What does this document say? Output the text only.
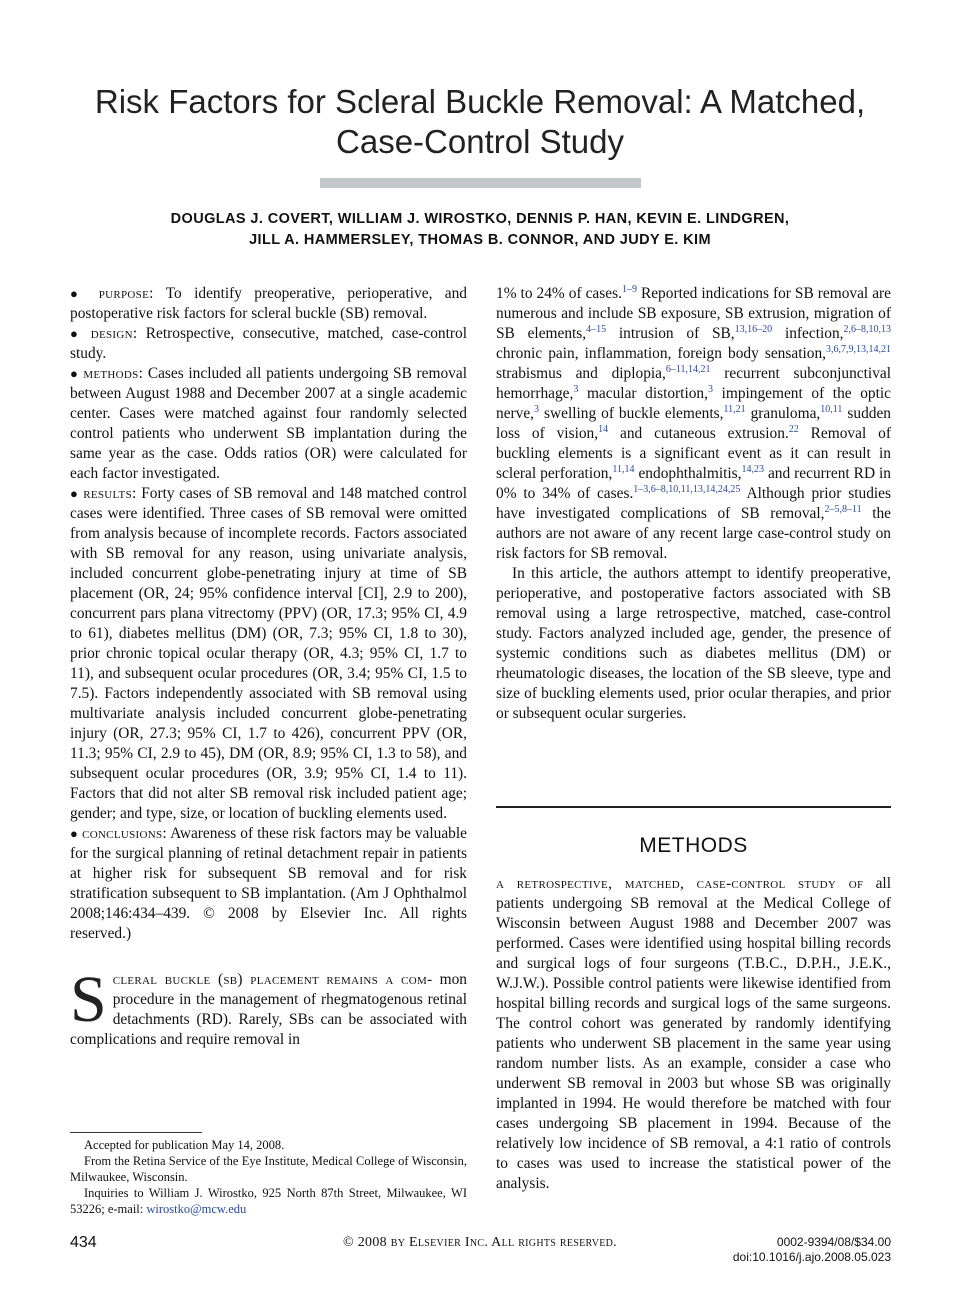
Risk Factors for Scleral Buckle Removal: A Matched,
Case-Control Study
DOUGLAS J. COVERT, WILLIAM J. WIROSTKO, DENNIS P. HAN, KEVIN E. LINDGREN,
JILL A. HAMMERSLEY, THOMAS B. CONNOR, AND JUDY E. KIM

● purpose: To identify preoperative, perioperative, and postoperative risk factors for scleral buckle (SB) removal.

● design: Retrospective, consecutive, matched, case-control study.

● methods: Cases included all patients undergoing SB removal between August 1988 and December 2007 at a single academic center. Cases were matched against four randomly selected control patients who underwent SB implantation during the same year as the case. Odds ratios (OR) were calculated for each factor investigated.

● results: Forty cases of SB removal and 148 matched control cases were identified. Three cases of SB removal were omitted from analysis because of incomplete records. Factors associated with SB removal for any reason, using univariate analysis, included concurrent globe-penetrating injury at time of SB placement (OR, 24; 95% confidence interval [CI], 2.9 to 200), concurrent pars plana vitrectomy (PPV) (OR, 17.3; 95% CI, 4.9 to 61), diabetes mellitus (DM) (OR, 7.3; 95% CI, 1.8 to 30), prior chronic topical ocular therapy (OR, 4.3; 95% CI, 1.7 to 11), and subsequent ocular procedures (OR, 3.4; 95% CI, 1.5 to 7.5). Factors independently associated with SB removal using multivariate analysis included concurrent globe-penetrating injury (OR, 27.3; 95% CI, 1.7 to 426), concurrent PPV (OR, 11.3; 95% CI, 2.9 to 45), DM (OR, 8.9; 95% CI, 1.3 to 58), and subsequent ocular procedures (OR, 3.9; 95% CI, 1.4 to 11). Factors that did not alter SB removal risk included patient age; gender; and type, size, or location of buckling elements used.

● conclusions: Awareness of these risk factors may be valuable for the surgical planning of retinal detachment repair in patients at higher risk for subsequent SB removal and for risk stratification subsequent to SB implantation. (Am J Ophthalmol 2008;146:434–439. © 2008 by Elsevier Inc. All rights reserved.)

Scleral buckle (sb) placement remains a com- mon procedure in the management of rhegmatogenous retinal detachments (RD). Rarely, SBs can be associated with complications and require removal in

1% to 24% of cases.$^{1-9}$ Reported indications for SB removal are numerous and include SB exposure, SB extrusion, migration of SB elements,$^{4-15}$ intrusion of SB,$^{13,16-20}$ infection,$^{2,6-8,10,13}$ chronic pain, inflammation, foreign body sensation,$^{3,6,7,9,13,14,21}$ strabismus and diplopia,$^{6-11,14,21}$ recurrent subconjunctival hemorrhage,$^3$ macular distortion,$^3$ impingement of the optic nerve,$^3$ swelling of buckle elements,$^{11,21}$ granuloma,$^{10,11}$ sudden loss of vision,$^{14}$ and cutaneous extrusion.$^{22}$ Removal of buckling elements is a significant event as it can result in scleral perforation,$^{11,14}$ endophthalmitis,$^{14,23}$ and recurrent RD in 0% to 34% of cases.$^{1-3,6-8,10,11,13,14,24,25}$ Although prior studies have investigated complications of SB removal,$^{2-5,8-11}$ the authors are not aware of any recent large case-control study on risk factors for SB removal.

In this article, the authors attempt to identify preoperative, perioperative, and postoperative factors associated with SB removal using a large retrospective, matched, case-control study. Factors analyzed included age, gender, the presence of systemic conditions such as diabetes mellitus (DM) or rheumatologic diseases, the location of the SB sleeve, type and size of buckling elements used, prior ocular therapies, and prior or subsequent ocular surgeries.

METHODS
a retrospective, matched, case-control study of all patients undergoing SB removal at the Medical College of Wisconsin between August 1988 and December 2007 was performed. Cases were identified using hospital billing records and surgical logs of four surgeons (T.B.C., D.P.H., J.E.K., W.J.W.). Possible control patients were likewise identified from hospital billing records and surgical logs of the same surgeons. The control cohort was generated by randomly identifying patients who underwent SB placement in the same year using random number lists. As an example, consider a case who underwent SB removal in 2003 but whose SB was originally implanted in 1994. He would therefore be matched with four cases undergoing SB placement in 1994. Because of the relatively low incidence of SB removal, a 4:1 ratio of controls to cases was used to increase the statistical power of the analysis.

Accepted for publication May 14, 2008.

From the Retina Service of the Eye Institute, Medical College of Wisconsin, Milwaukee, Wisconsin.

Inquiries to William J. Wirostko, 925 North 87th Street, Milwaukee, WI 53226; e-mail: wirostko@mcw.edu

434	© 2008 by Elsevier Inc. All rights reserved.	0002-9394/08/$34.00
doi:10.1016/j.ajo.2008.05.023
